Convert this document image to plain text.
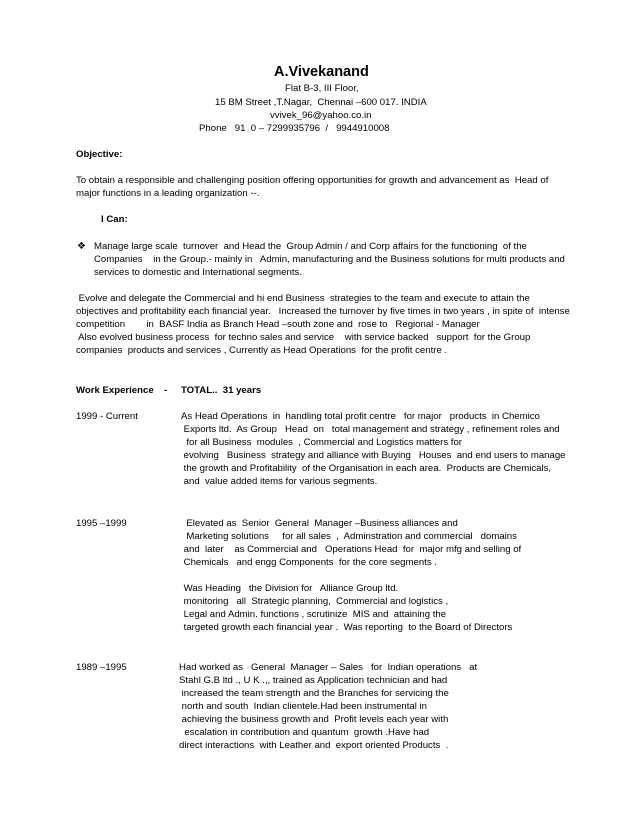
A.Vivekanand
Flat B-3, III Floor,
15 BM Street ,T.Nagar,  Chennai –600 017. INDIA
vvivek_96@yahoo.co.in
Phone   91  0 – 7299935796  /   9944910008
Objective:
To obtain a responsible and challenging position offering opportunities for growth and advancement as  Head of
major functions in a leading organization --.
I Can:
❖ Manage large scale  turnover  and Head the  Group Admin / and Corp affairs for the functioning  of the
Companies    in the Group.- mainly in   Admin, manufacturing and the Business solutions for multi products and
services to domestic and International segments.
Evolve and delegate the Commercial and hi end Business  strategies to the team and execute to attain the
objectives and profitability each financial year.   Increased the turnover by five times in two years , in spite of  intense
competition        in  BASF India as Branch Head –south zone and  rose to   Regional - Manager
Also evolved business process  for techno sales and service    with service backed   support  for the Group
companies  products and services , Currently as Head Operations  for the profit centre .
Work Experience - TOTAL..  31 years
1999 - Current	As Head Operations  in  handling total profit centre   for major   products  in Chemico
Exports ltd.  As Group   Head  on   total management and strategy , refinement roles and
for all Business  modules  , Commercial and Logistics matters for
evolving   Business  strategy and alliance with Buying   Houses  and end users to manage
the growth and Profitability  of the Organisation in each area.  Products are Chemicals,
and  value added items for various segments.
1995 –1999	Elevated as  Senior  General  Manager –Business alliances and
Marketing solutions     for all sales  ,  Adminstration and commercial   domains
and  later    as Commercial and   Operations Head  for  major mfg and selling of
Chemicals   and engg Components  for the core segments .
Was Heading   the Division for   Alliance Group ltd.
monitoring   all  Strategic planning,  Commercial and logistics ,
Legal and Admin. functions , scrutinize  MIS and  attaining the
targeted growth each financial year .  Was reporting  to the Board of Directors
1989 –1995	Had worked as   General  Manager – Sales   for  Indian operations   at
Stahl G.B ltd ., U K .,, trained as Application technician and had
increased the team strength and the Branches for servicing the
north and south  Indian clientele.Had been instrumental in
achieving the business growth and  Profit levels each year with
escalation in contribution and quantum  growth .Have had
direct interactions  with Leather and  export oriented Products  .
